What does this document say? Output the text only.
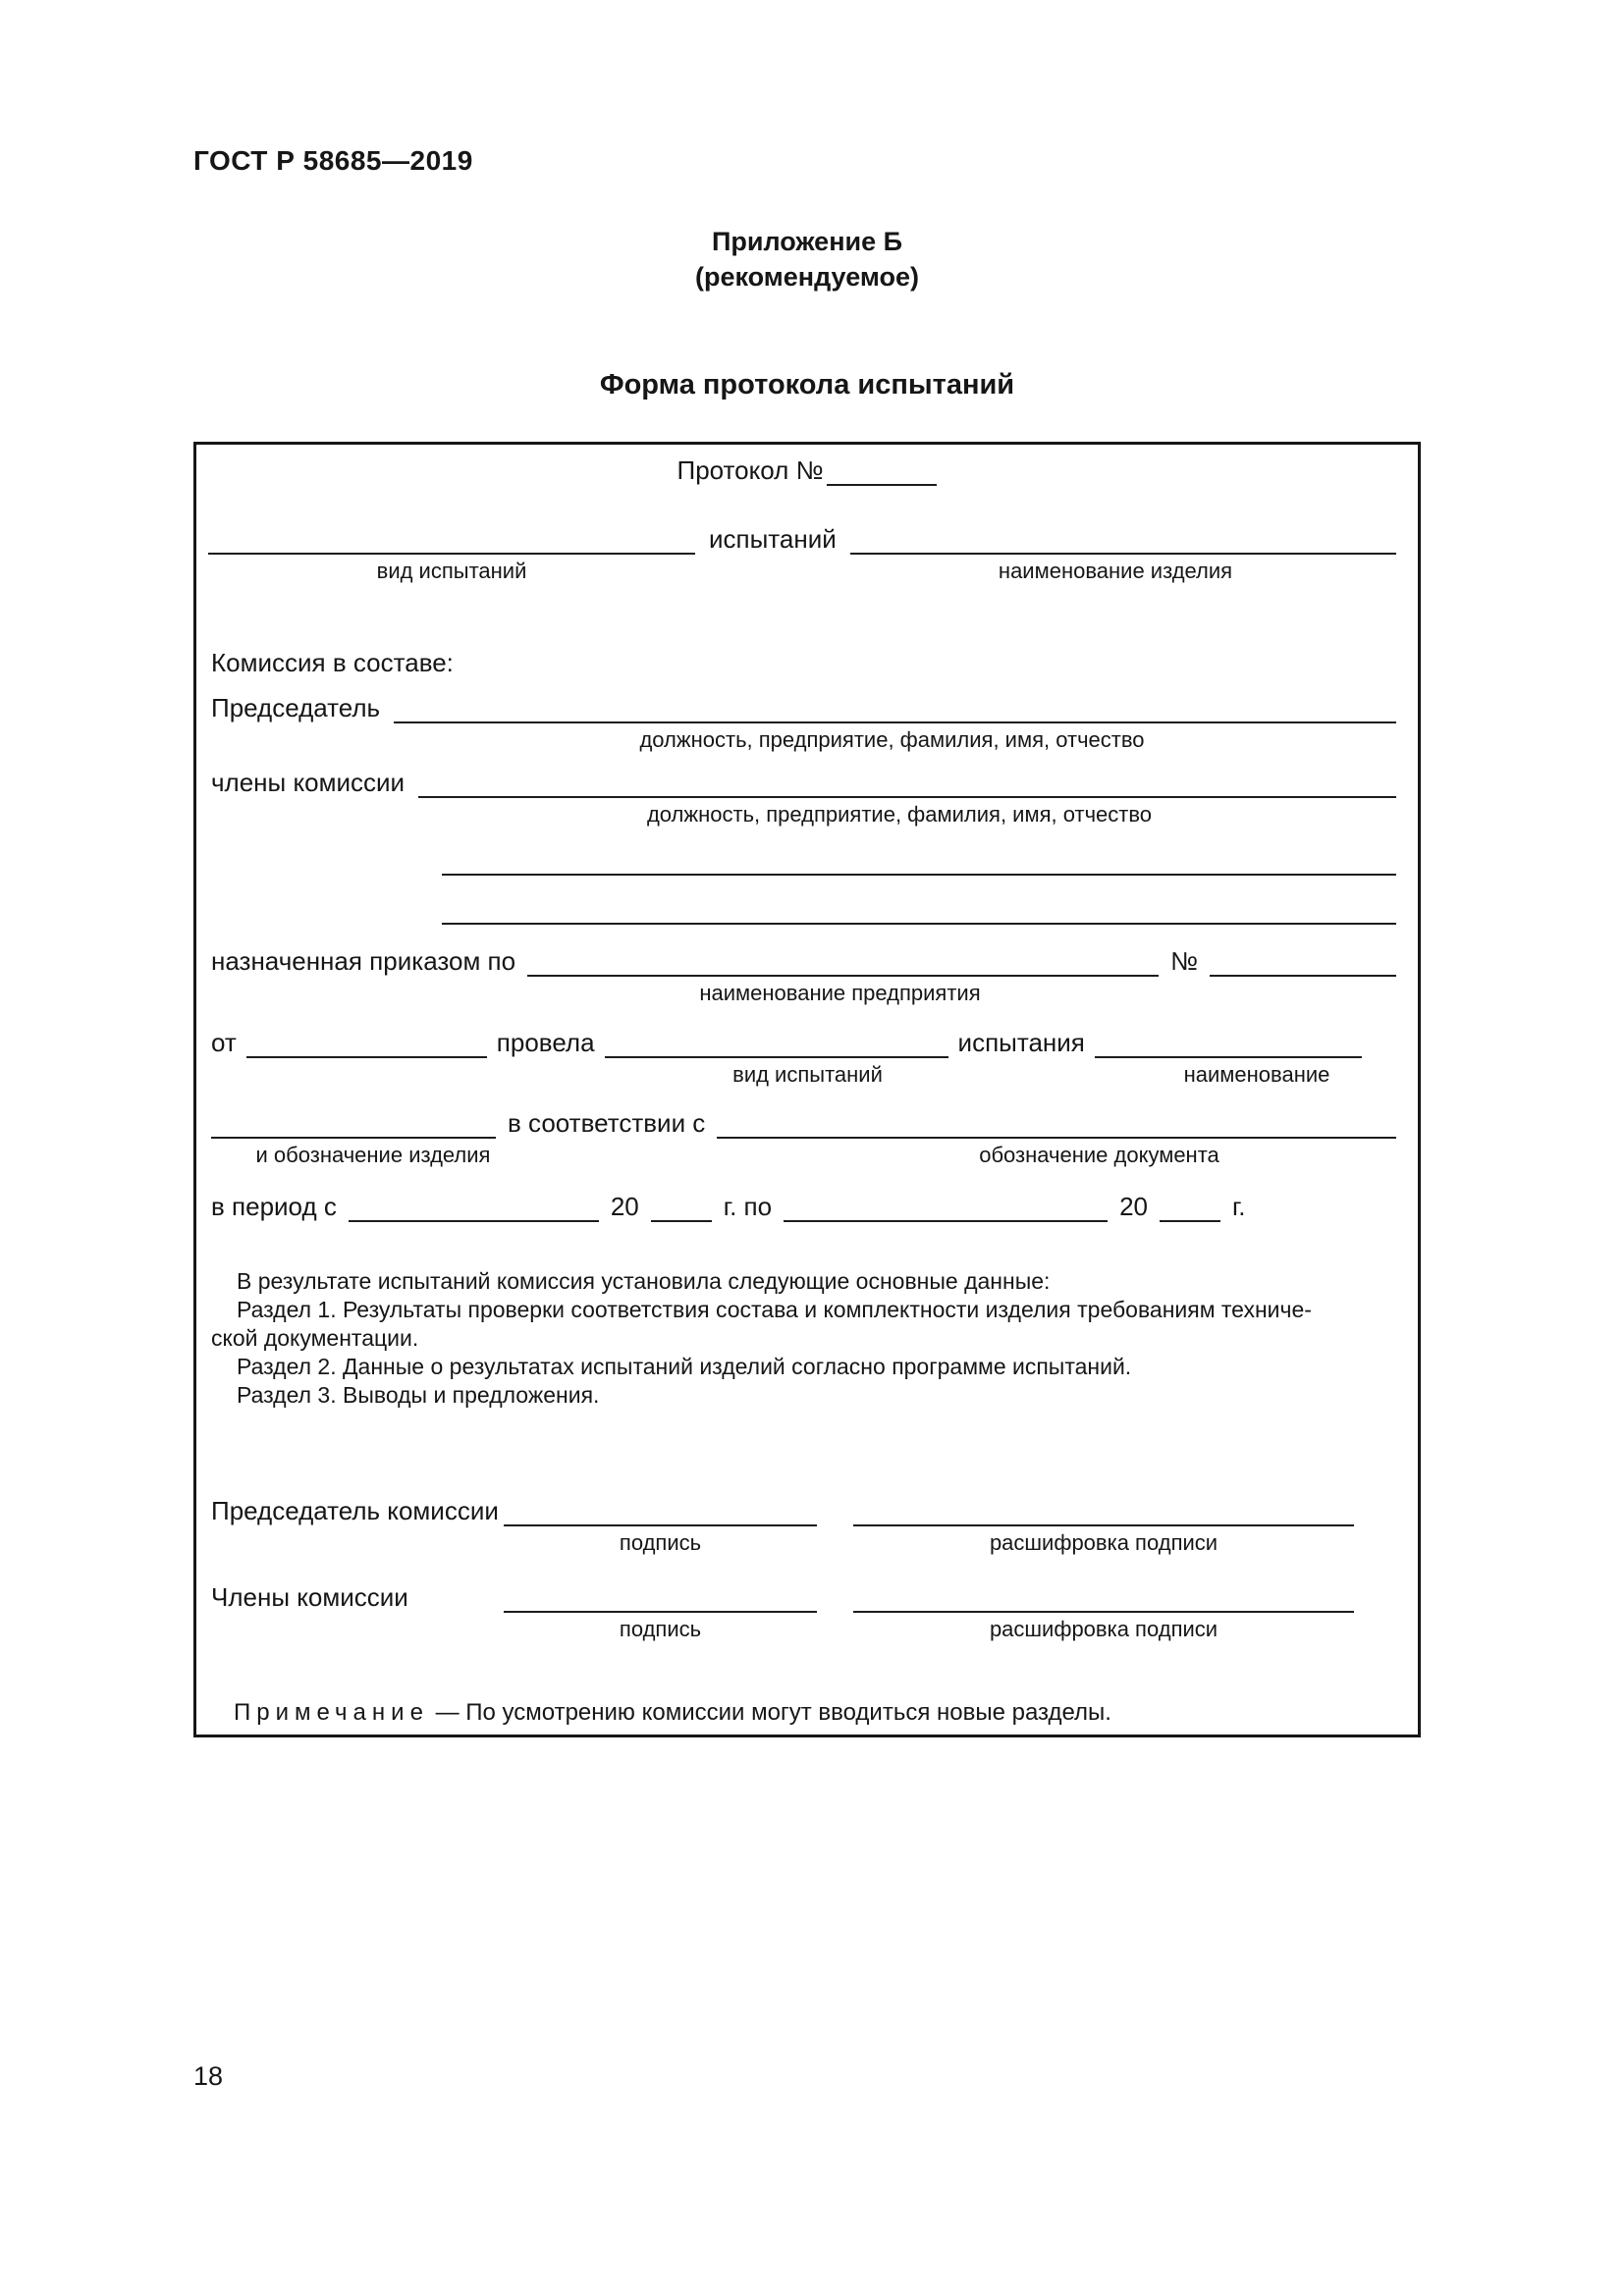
ГОСТ Р 58685—2019
Приложение Б
(рекомендуемое)
Форма протокола испытаний
Протокол №
испытаний
вид испытаний	наименование изделия
Комиссия в составе:
Председатель
должность, предприятие, фамилия, имя, отчество
члены комиссии
должность, предприятие, фамилия, имя, отчество
назначенная приказом по	№
наименование предприятия
от	провела	испытания
вид испытаний	наименование
в соответствии с
и обозначение изделия	обозначение документа
в период с	20	г. по	20	г.
В результате испытаний комиссия установила следующие основные данные:
Раздел 1. Результаты проверки соответствия состава и комплектности изделия требованиям техниче-
ской документации.
Раздел 2. Данные о результатах испытаний изделий согласно программе испытаний.
Раздел 3. Выводы и предложения.
Председатель комиссии
подпись	расшифровка подписи
Члены комиссии
подпись	расшифровка подписи
Примечание — По усмотрению комиссии могут вводиться новые разделы.
18
